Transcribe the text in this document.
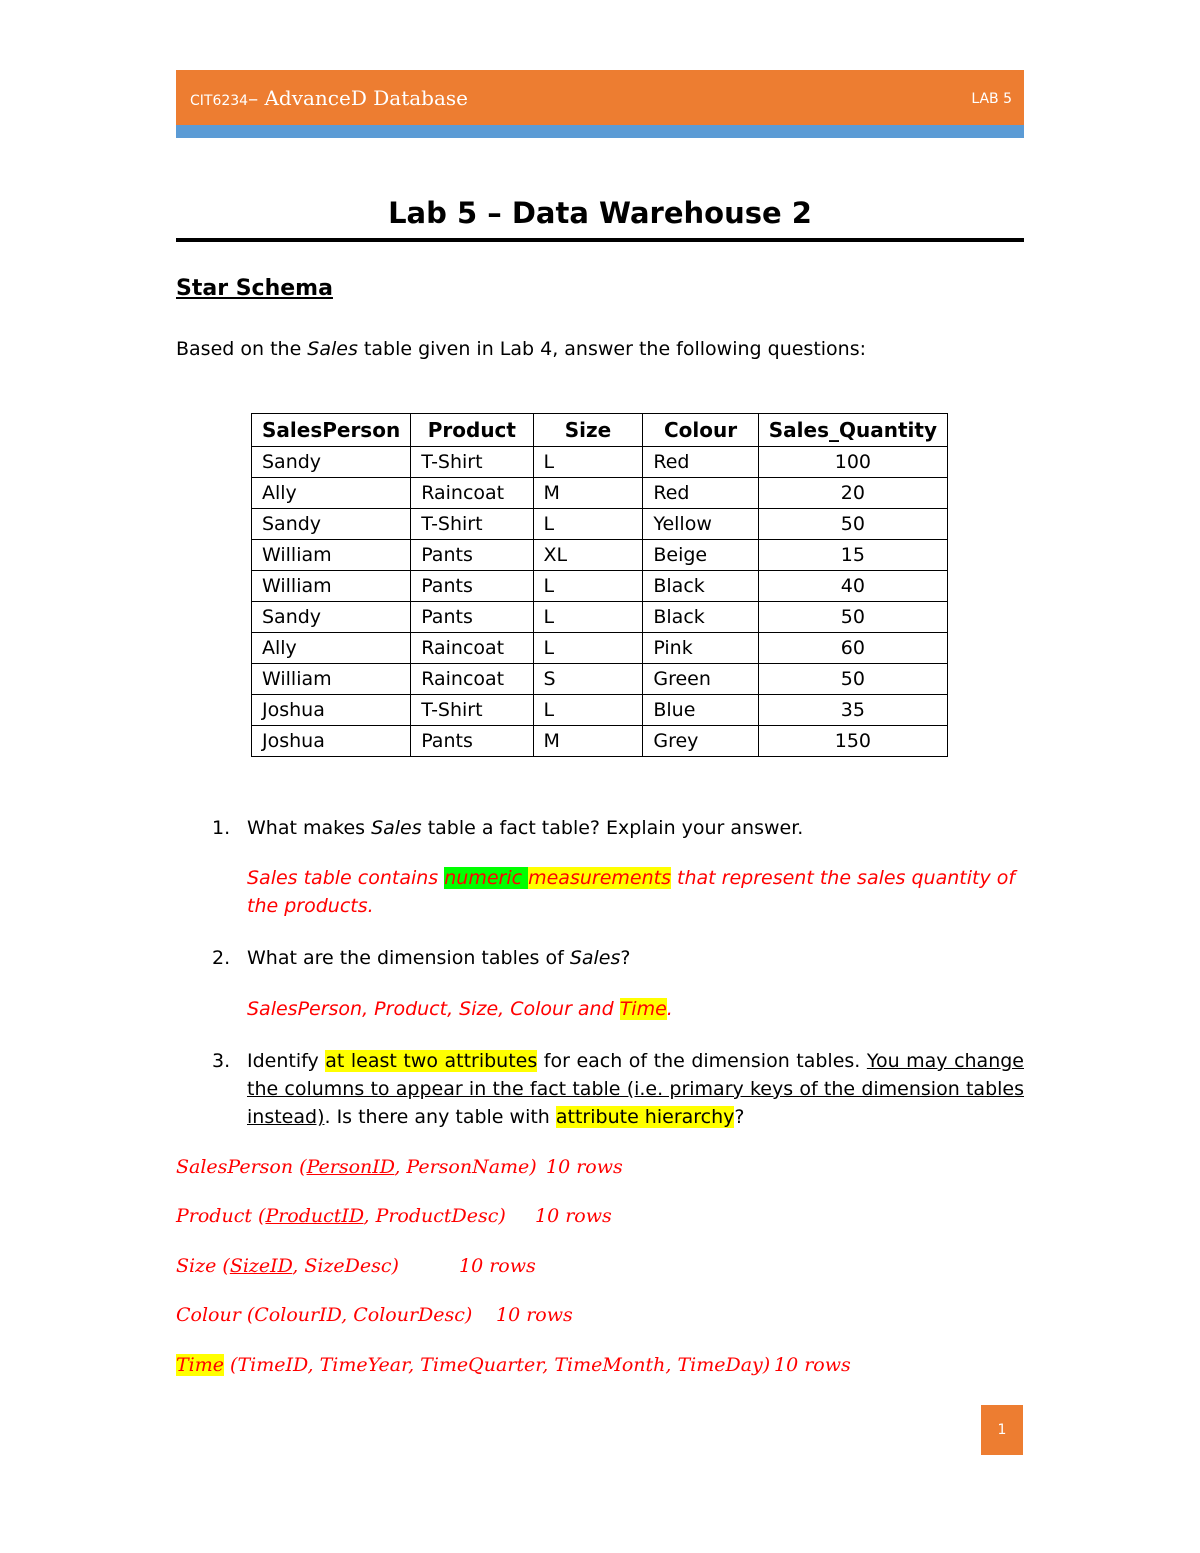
CIT6234– AdvanceD Database	LAB 5
Lab 5 – Data Warehouse 2
Star Schema
Based on the Sales table given in Lab 4, answer the following questions:
SalesPerson	Product	Size	Colour	Sales_Quantity
Sandy	T-Shirt	L	Red	100
Ally	Raincoat	M	Red	20
Sandy	T-Shirt	L	Yellow	50
William	Pants	XL	Beige	15
William	Pants	L	Black	40
Sandy	Pants	L	Black	50
Ally	Raincoat	L	Pink	60
William	Raincoat	S	Green	50
Joshua	T-Shirt	L	Blue	35
Joshua	Pants	M	Grey	150
1. What makes Sales table a fact table? Explain your answer.
Sales table contains numeric measurements that represent the sales quantity of the products.
2. What are the dimension tables of Sales?
SalesPerson, Product, Size, Colour and Time.
3. Identify at least two attributes for each of the dimension tables. You may change the columns to appear in the fact table (i.e. primary keys of the dimension tables instead). Is there any table with attribute hierarchy?
SalesPerson (PersonID, PersonName) 10 rows
Product (ProductID, ProductDesc) 10 rows
Size (SizeID, SizeDesc)	10 rows
Colour (ColourID, ColourDesc) 10 rows
Time (TimeID, TimeYear, TimeQuarter, TimeMonth, TimeDay) 10 rows
1
